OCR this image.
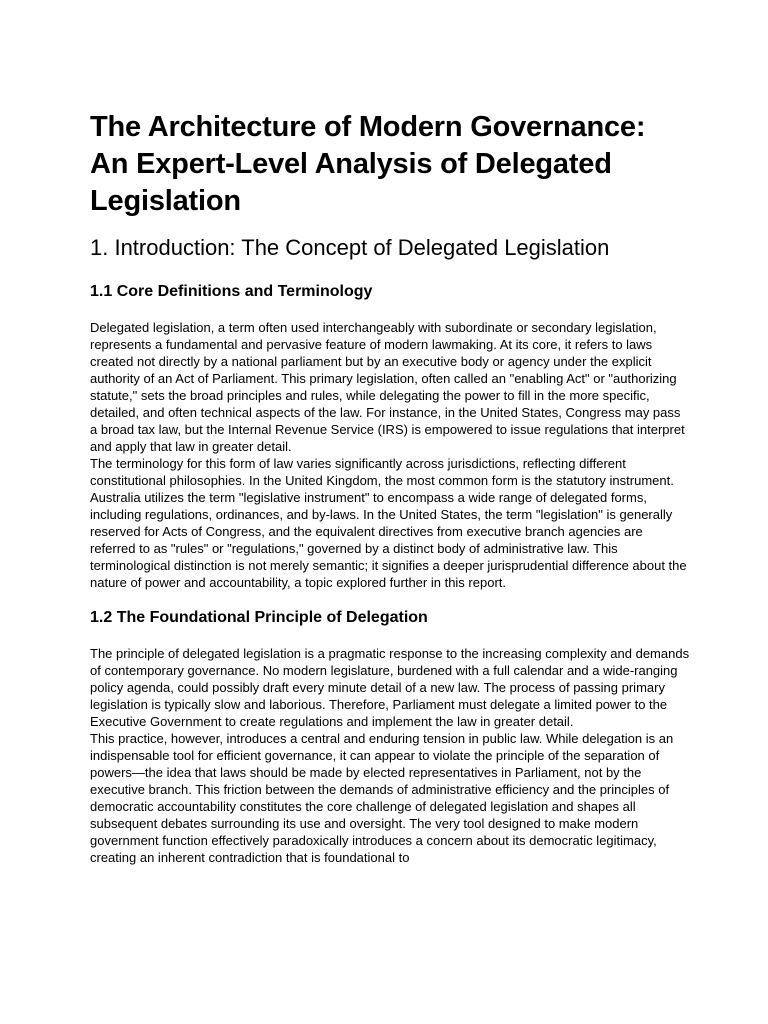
The Architecture of Modern Governance: An Expert-Level Analysis of Delegated Legislation
1. Introduction: The Concept of Delegated Legislation
1.1 Core Definitions and Terminology

Delegated legislation, a term often used interchangeably with subordinate or secondary legislation, represents a fundamental and pervasive feature of modern lawmaking. At its core, it refers to laws created not directly by a national parliament but by an executive body or agency under the explicit authority of an Act of Parliament. This primary legislation, often called an "enabling Act" or "authorizing statute," sets the broad principles and rules, while delegating the power to fill in the more specific, detailed, and often technical aspects of the law. For instance, in the United States, Congress may pass a broad tax law, but the Internal Revenue Service (IRS) is empowered to issue regulations that interpret and apply that law in greater detail.

The terminology for this form of law varies significantly across jurisdictions, reflecting different constitutional philosophies. In the United Kingdom, the most common form is the statutory instrument. Australia utilizes the term "legislative instrument" to encompass a wide range of delegated forms, including regulations, ordinances, and by-laws. In the United States, the term "legislation" is generally reserved for Acts of Congress, and the equivalent directives from executive branch agencies are referred to as "rules" or "regulations," governed by a distinct body of administrative law. This terminological distinction is not merely semantic; it signifies a deeper jurisprudential difference about the nature of power and accountability, a topic explored further in this report.

1.2 The Foundational Principle of Delegation

The principle of delegated legislation is a pragmatic response to the increasing complexity and demands of contemporary governance. No modern legislature, burdened with a full calendar and a wide-ranging policy agenda, could possibly draft every minute detail of a new law. The process of passing primary legislation is typically slow and laborious. Therefore, Parliament must delegate a limited power to the Executive Government to create regulations and implement the law in greater detail.

This practice, however, introduces a central and enduring tension in public law. While delegation is an indispensable tool for efficient governance, it can appear to violate the principle of the separation of powers—the idea that laws should be made by elected representatives in Parliament, not by the executive branch. This friction between the demands of administrative efficiency and the principles of democratic accountability constitutes the core challenge of delegated legislation and shapes all subsequent debates surrounding its use and oversight. The very tool designed to make modern government function effectively paradoxically introduces a concern about its democratic legitimacy, creating an inherent contradiction that is foundational to
